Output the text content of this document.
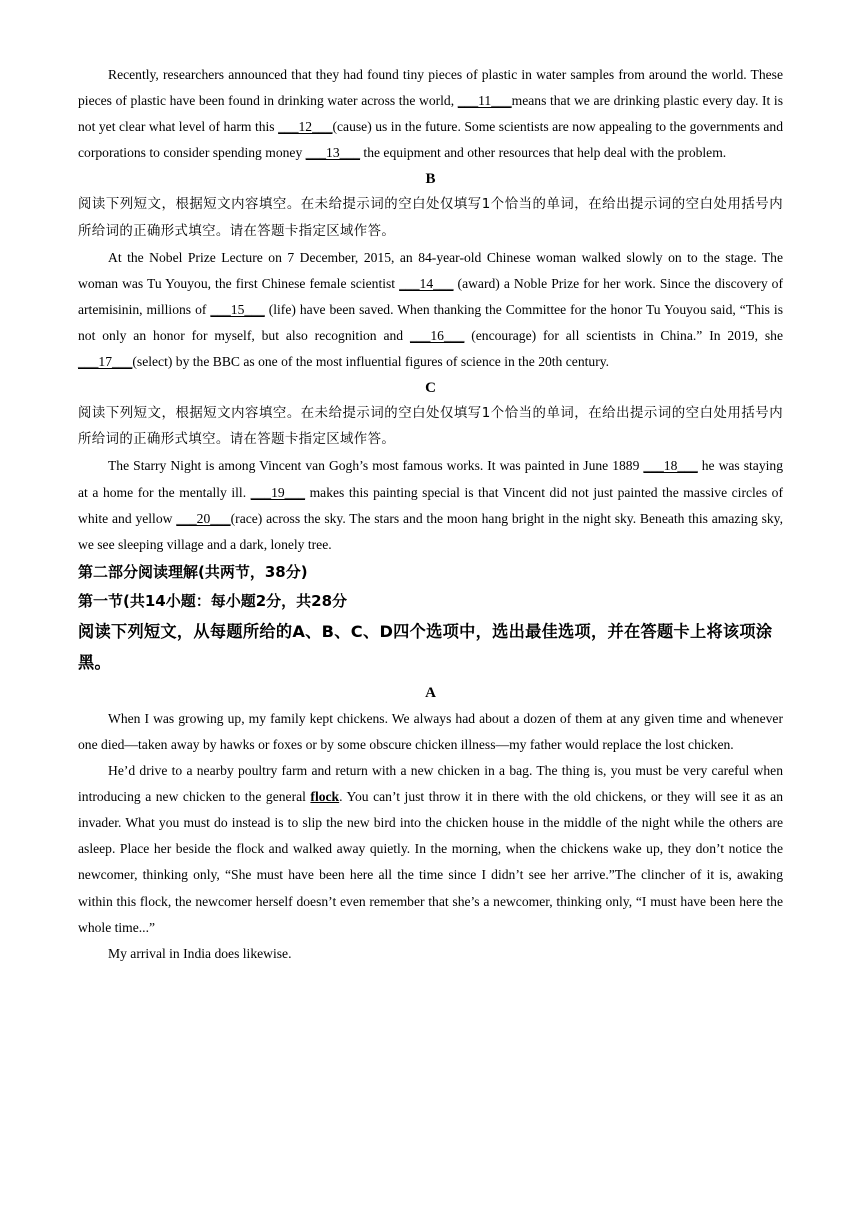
Recently, researchers announced that they had found tiny pieces of plastic in water samples from around the world. These pieces of plastic have been found in drinking water across the world, ___11___means that we are drinking plastic every day. It is not yet clear what level of harm this ___12___(cause) us in the future. Some scientists are now appealing to the governments and corporations to consider spending money ___13___ the equipment and other resources that help deal with the problem.

B

阅读下列短文，根据短文内容填空。在未给提示词的空白处仅填写1个恰当的单词，在给出提示词的空白处用括号内所给词的正确形式填空。请在答题卡指定区域作答。

At the Nobel Prize Lecture on 7 December, 2015, an 84-year-old Chinese woman walked slowly on to the stage. The woman was Tu Youyou, the first Chinese female scientist ___14___ (award) a Noble Prize for her work. Since the discovery of artemisinin, millions of ___15___ (life) have been saved. When thanking the Committee for the honor Tu Youyou said, “This is not only an honor for myself, but also recognition and ___16___ (encourage) for all scientists in China.” In 2019, she ___17___(select) by the BBC as one of the most influential figures of science in the 20th century.

C

阅读下列短文，根据短文内容填空。在未给提示词的空白处仅填写1个恰当的单词，在给出提示词的空白处用括号内所给词的正确形式填空。请在答题卡指定区域作答。

The Starry Night is among Vincent van Gogh’s most famous works. It was painted in June 1889 ___18___ he was staying at a home for the mentally ill. ___19___ makes this painting special is that Vincent did not just painted the massive circles of white and yellow ___20___(race) across the sky. The stars and the moon hang bright in the night sky. Beneath this amazing sky, we see sleeping village and a dark, lonely tree.

第二部分阅读理解(共两节，38分)

第一节(共14小题：每小题2分，共28分

阅读下列短文，从每题所给的A、B、C、D四个选项中，选出最佳选项，并在答题卡上将该项涂黑。

A

When I was growing up, my family kept chickens. We always had about a dozen of them at any given time and whenever one died—taken away by hawks or foxes or by some obscure chicken illness—my father would replace the lost chicken.

He’d drive to a nearby poultry farm and return with a new chicken in a bag. The thing is, you must be very careful when introducing a new chicken to the general flock. You can’t just throw it in there with the old chickens, or they will see it as an invader. What you must do instead is to slip the new bird into the chicken house in the middle of the night while the others are asleep. Place her beside the flock and walked away quietly. In the morning, when the chickens wake up, they don’t notice the newcomer, thinking only, “She must have been here all the time since I didn’t see her arrive.”The clincher of it is, awaking within this flock, the newcomer herself doesn’t even remember that she’s a newcomer, thinking only, “I must have been here the whole time...”

My arrival in India does likewise.
